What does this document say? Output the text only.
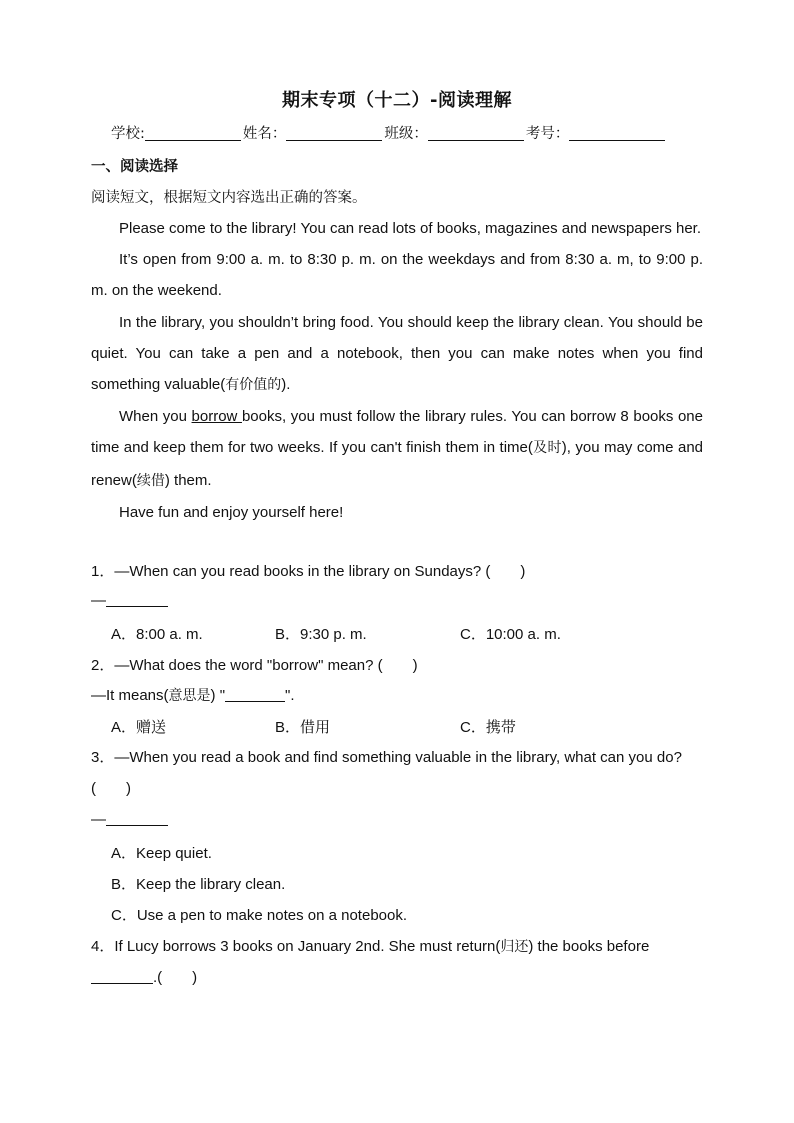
期末专项（十二）-阅读理解
学校:	姓名：	班级：	考号：
一、阅读选择
阅读短文，根据短文内容选出正确的答案。

Please come to the library! You can read lots of books, magazines and newspapers her.

It’s open from 9:00 a. m. to 8:30 p. m. on the weekdays and from 8:30 a. m, to 9:00 p. m. on the weekend.

In the library, you shouldn’t bring food. You should keep the library clean. You should be quiet. You can take a pen and a notebook, then you can make notes when you find something valuable(有价值的).

When you borrow books, you must follow the library rules. You can borrow 8 books one time and keep them for two weeks. If you can't finish them in time(及时), you may come and renew(续借) them.

Have fun and enjoy yourself here!

1．—When can you read books in the library on Sundays? (　　)
—
A．8:00 a. m.	B．9:30 p. m.	C．10:00 a. m.
2．—What does the word "borrow" mean? (　　)
—It means(意思是) "	".
A．赠送	B．借用	C．携带
3．—When you read a book and find something valuable in the library, what can you do? (　　)
—
A．Keep quiet.
B．Keep the library clean.
C．Use a pen to make notes on a notebook.
4．If Lucy borrows 3 books on January 2nd. She must return(归还) the books before
.(　　)
